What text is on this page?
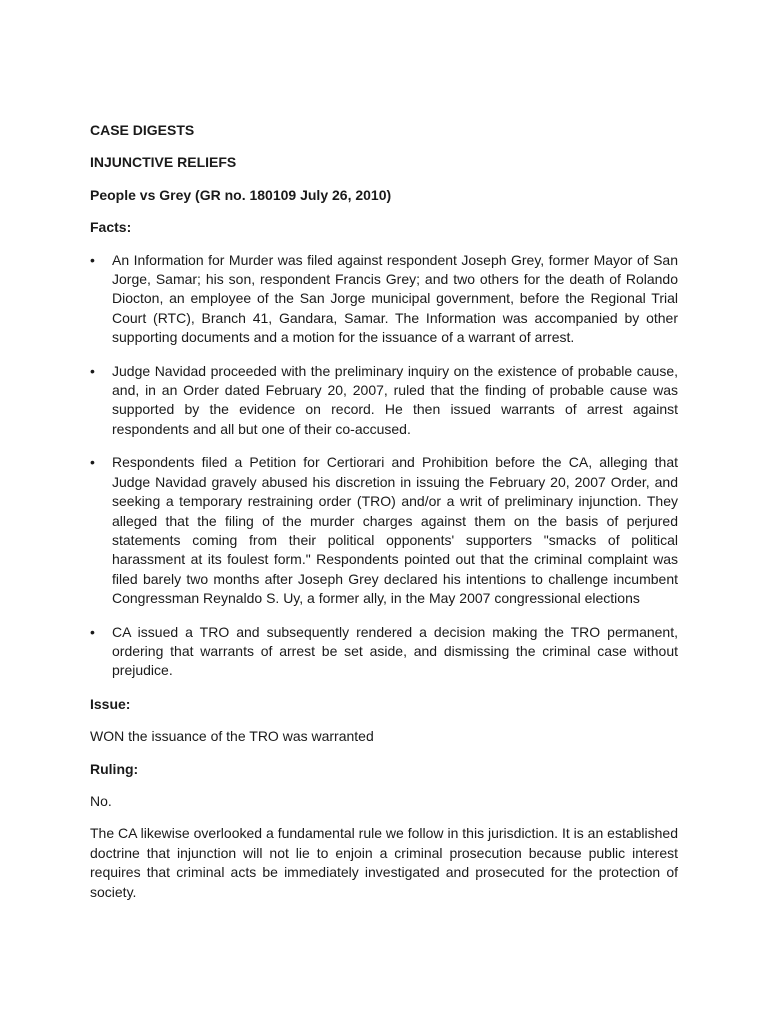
CASE DIGESTS
INJUNCTIVE RELIEFS
People vs Grey (GR no. 180109 July 26, 2010)
Facts:
•	An Information for Murder was filed against respondent Joseph Grey, former Mayor of San Jorge, Samar; his son, respondent Francis Grey; and two others for the death of Rolando Diocton, an employee of the San Jorge municipal government, before the Regional Trial Court (RTC), Branch 41, Gandara, Samar. The Information was accompanied by other supporting documents and a motion for the issuance of a warrant of arrest.
•	Judge Navidad proceeded with the preliminary inquiry on the existence of probable cause, and, in an Order dated February 20, 2007, ruled that the finding of probable cause was supported by the evidence on record. He then issued warrants of arrest against respondents and all but one of their co-accused.
•	Respondents filed a Petition for Certiorari and Prohibition before the CA, alleging that Judge Navidad gravely abused his discretion in issuing the February 20, 2007 Order, and seeking a temporary restraining order (TRO) and/or a writ of preliminary injunction. They alleged that the filing of the murder charges against them on the basis of perjured statements coming from their political opponents' supporters "smacks of political harassment at its foulest form." Respondents pointed out that the criminal complaint was filed barely two months after Joseph Grey declared his intentions to challenge incumbent Congressman Reynaldo S. Uy, a former ally, in the May 2007 congressional elections
•	CA issued a TRO and subsequently rendered a decision making the TRO permanent, ordering that warrants of arrest be set aside, and dismissing the criminal case without prejudice.
Issue:
WON the issuance of the TRO was warranted
Ruling:
No.
The CA likewise overlooked a fundamental rule we follow in this jurisdiction. It is an established doctrine that injunction will not lie to enjoin a criminal prosecution because public interest requires that criminal acts be immediately investigated and prosecuted for the protection of society.
